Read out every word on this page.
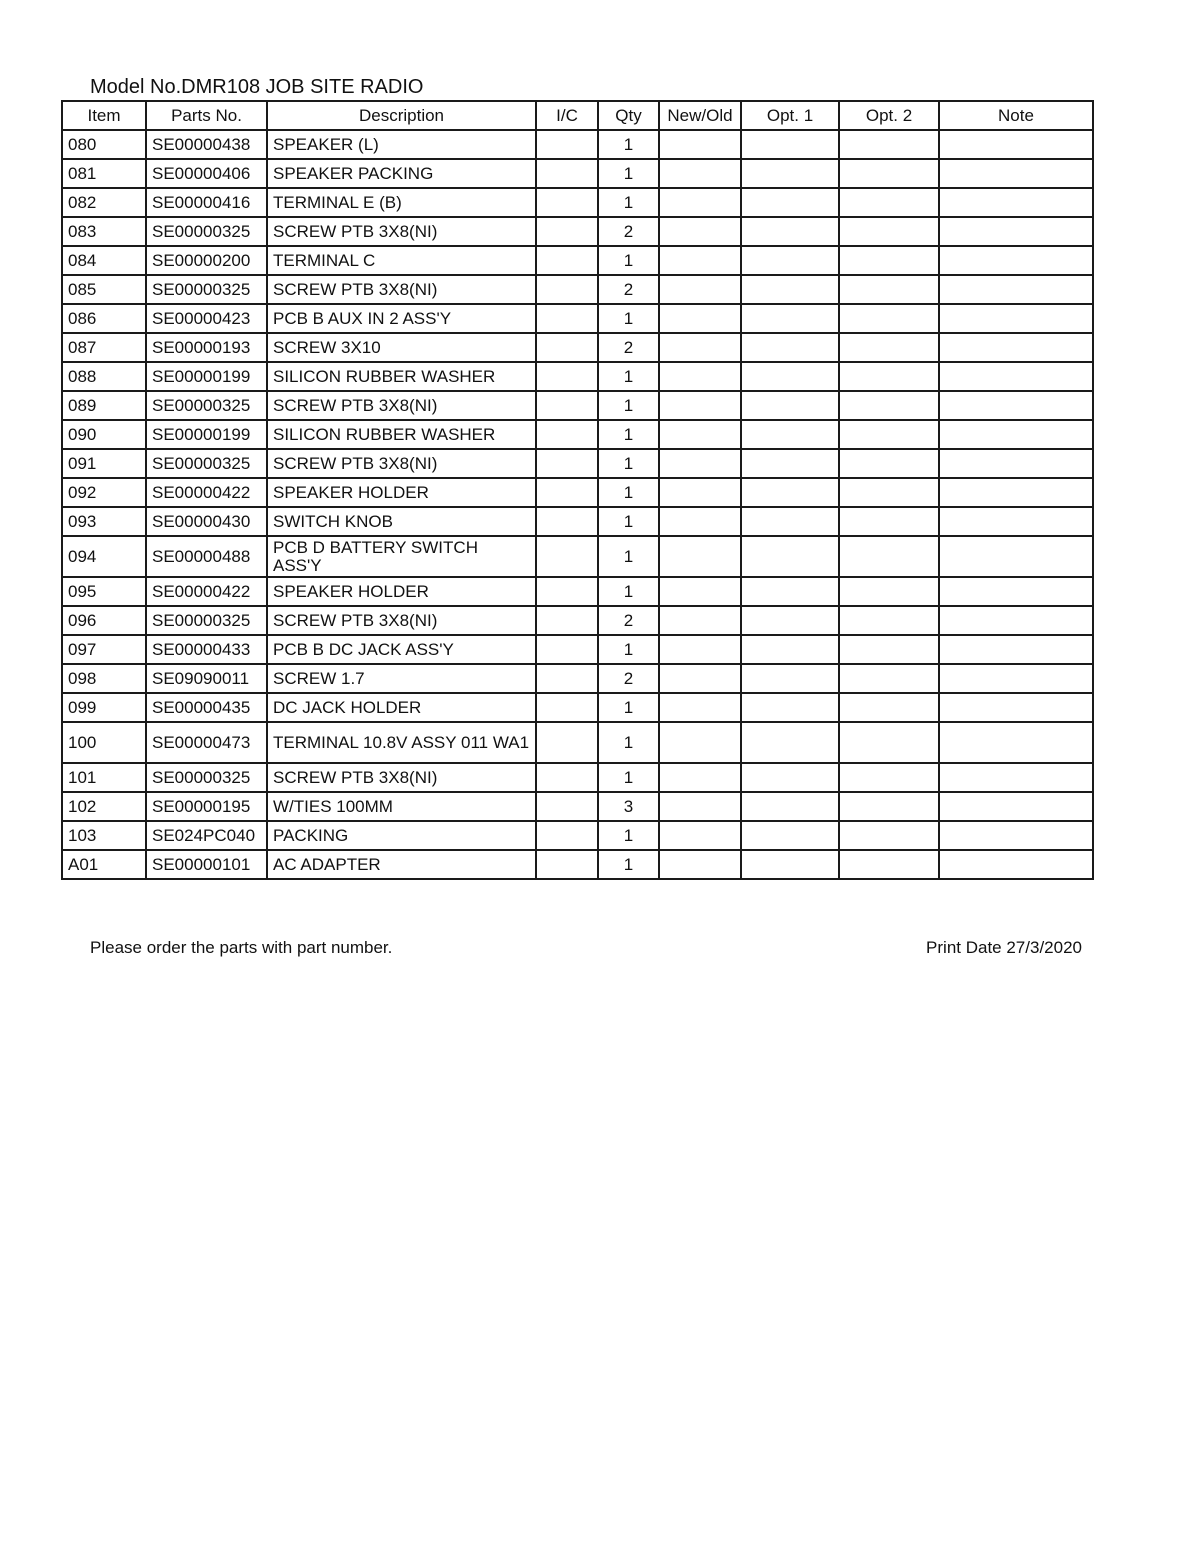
Model No.DMR108 JOB SITE RADIO
Item	Parts No.	Description	I/C	Qty	New/Old	Opt. 1	Opt. 2	Note
080	SE00000438	SPEAKER (L)		1				
081	SE00000406	SPEAKER PACKING		1				
082	SE00000416	TERMINAL E (B)		1				
083	SE00000325	SCREW PTB 3X8(NI)		2				
084	SE00000200	TERMINAL C		1				
085	SE00000325	SCREW PTB 3X8(NI)		2				
086	SE00000423	PCB B AUX IN 2 ASS'Y		1				
087	SE00000193	SCREW 3X10		2				
088	SE00000199	SILICON RUBBER WASHER		1				
089	SE00000325	SCREW PTB 3X8(NI)		1				
090	SE00000199	SILICON RUBBER WASHER		1				
091	SE00000325	SCREW PTB 3X8(NI)		1				
092	SE00000422	SPEAKER HOLDER		1				
093	SE00000430	SWITCH KNOB		1				
094	SE00000488	PCB D BATTERY SWITCH ASS'Y		1				
095	SE00000422	SPEAKER HOLDER		1				
096	SE00000325	SCREW PTB 3X8(NI)		2				
097	SE00000433	PCB B DC JACK ASS'Y		1				
098	SE09090011	SCREW 1.7		2				
099	SE00000435	DC JACK HOLDER		1				
100	SE00000473	TERMINAL 10.8V ASSY 011 WA1		1				
101	SE00000325	SCREW PTB 3X8(NI)		1				
102	SE00000195	W/TIES 100MM		3				
103	SE024PC040	PACKING		1				
A01	SE00000101	AC ADAPTER		1				
Please order the parts with part number.	Print Date 27/3/2020
